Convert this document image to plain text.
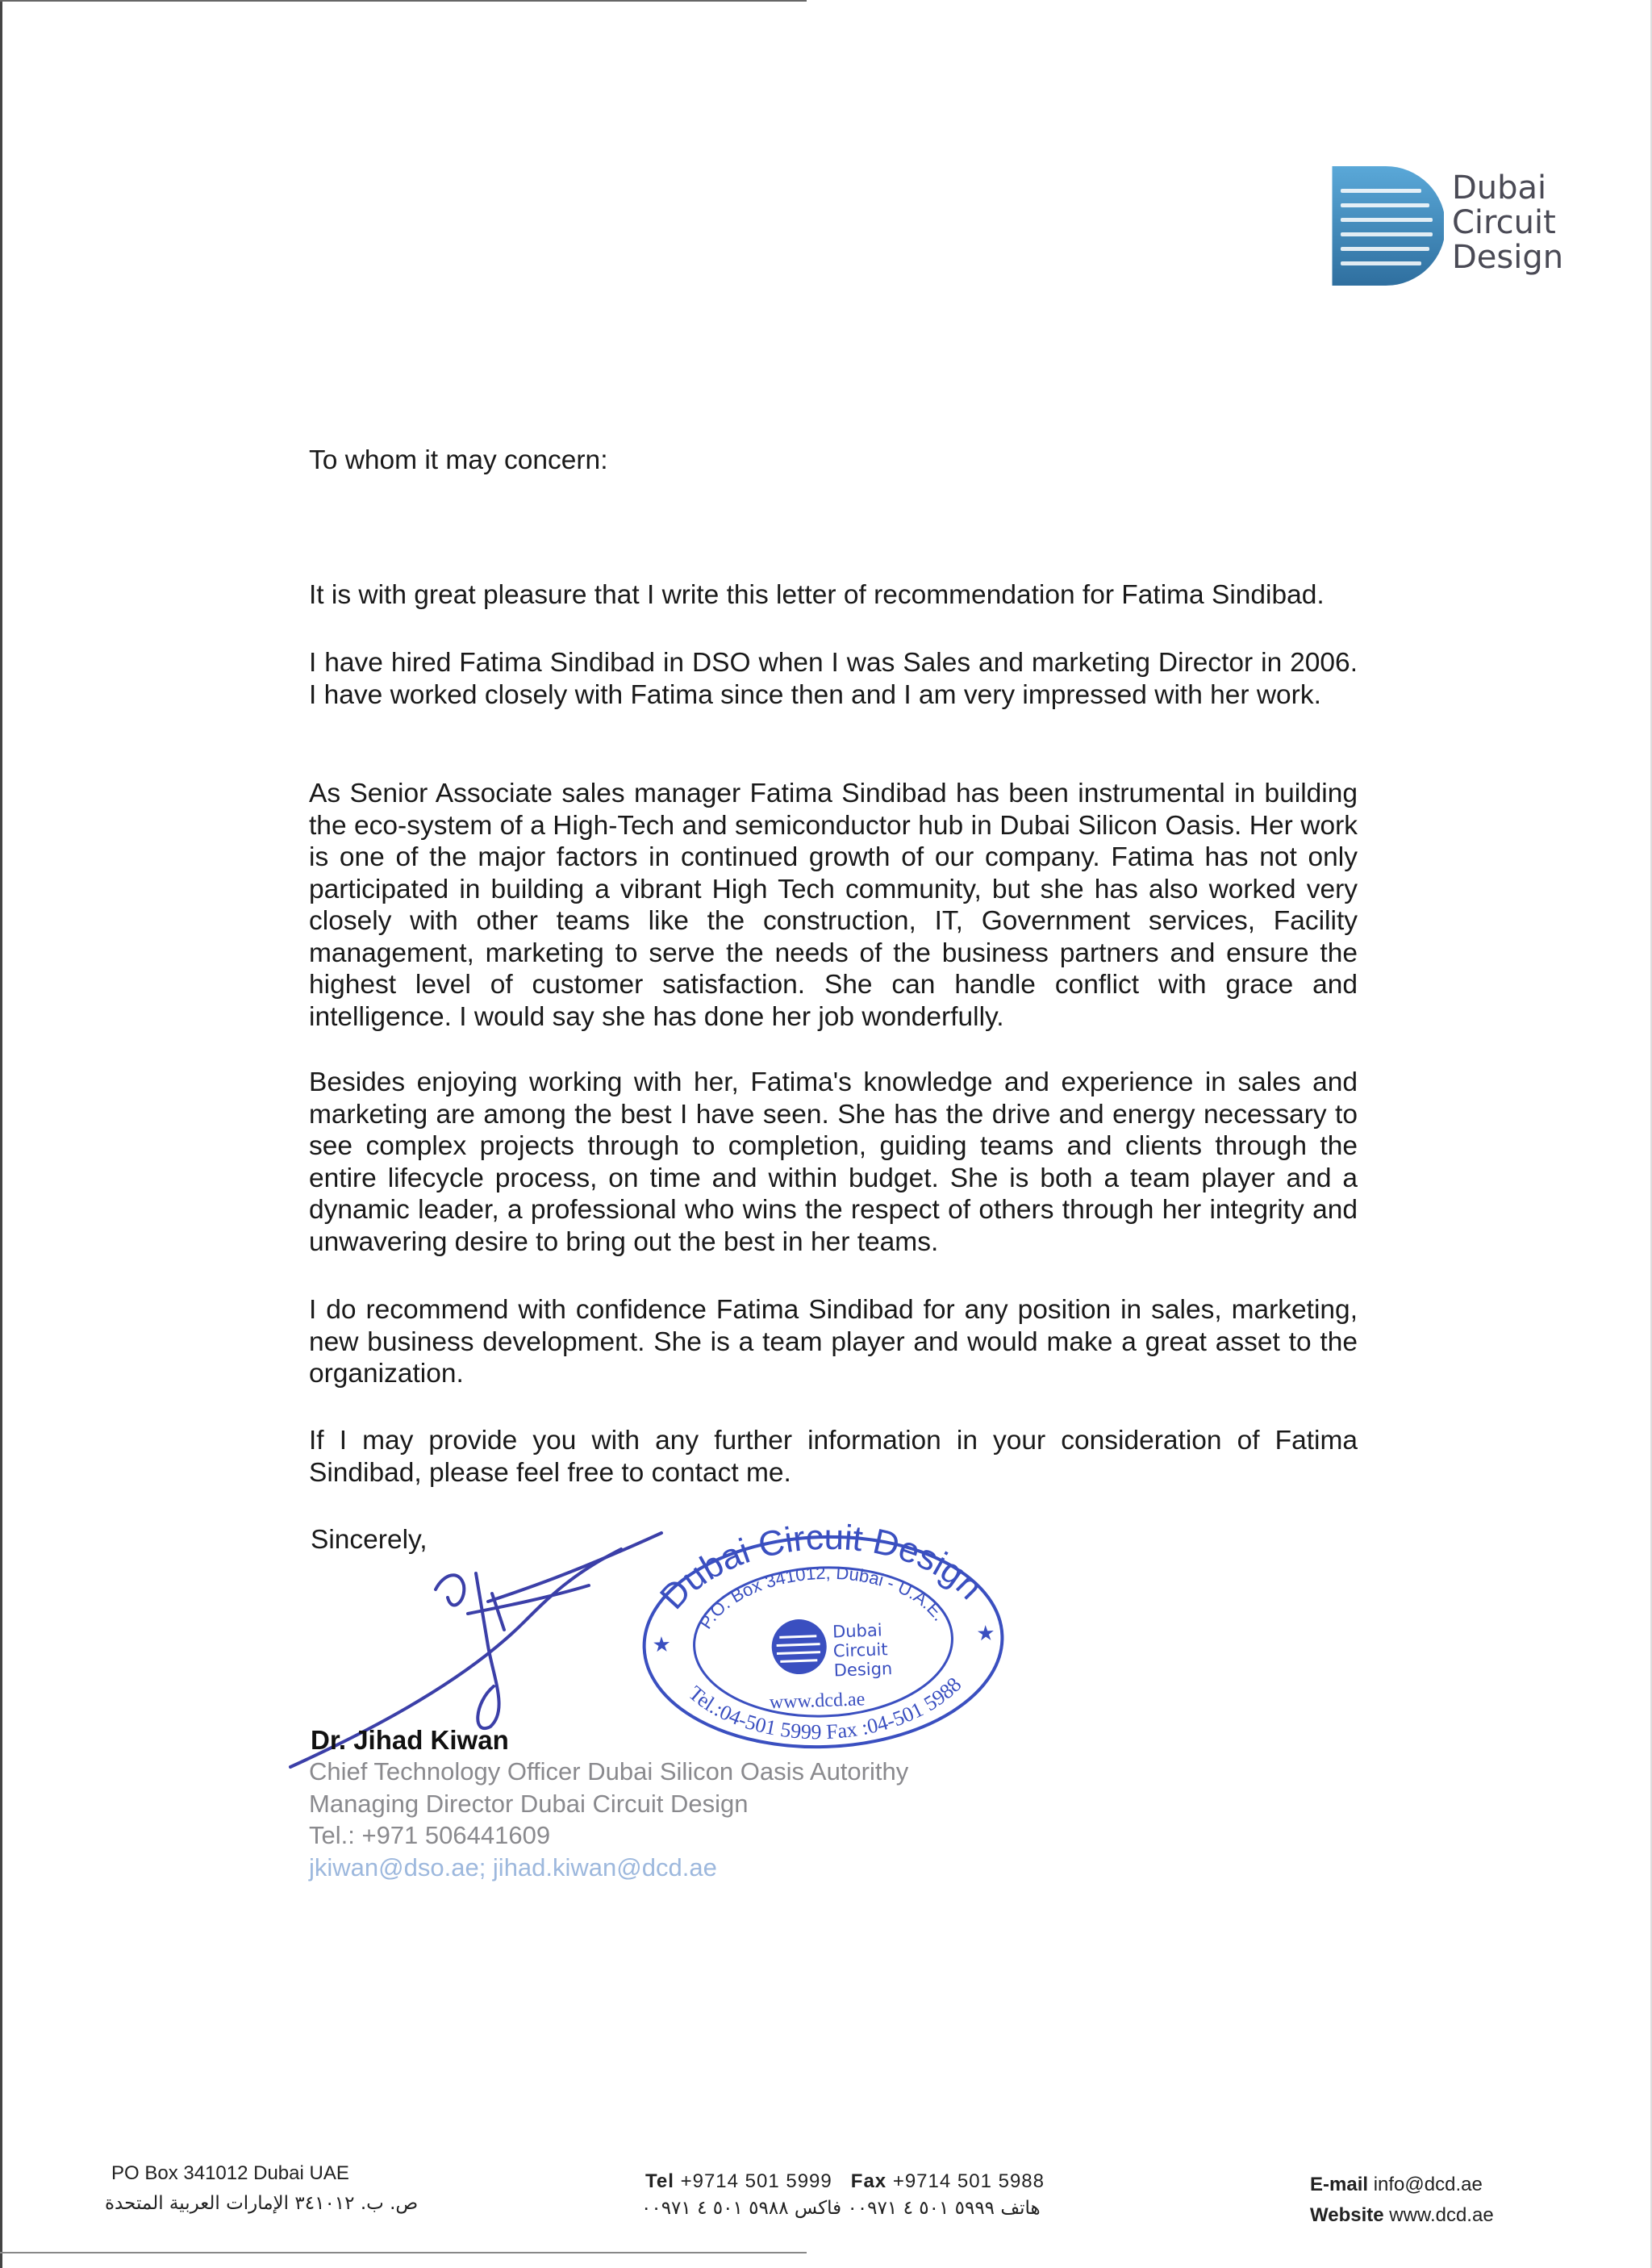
Dubai
Circuit
Design
To whom it may concern:
It is with great pleasure that I write this letter of recommendation for Fatima Sindibad.
I have hired Fatima Sindibad in DSO when I was Sales and marketing Director in 2006. I have worked closely with Fatima since then and I am very impressed with her work.
As Senior Associate sales manager Fatima Sindibad has been instrumental in building the eco-system of a High-Tech and semiconductor hub in Dubai Silicon Oasis. Her work is one of the major factors in continued growth of our company. Fatima has not only participated in building a vibrant High Tech community, but she has also worked very closely with other teams like the construction, IT, Government services, Facility management, marketing to serve the needs of the business partners and ensure the highest level of customer satisfaction. She can handle conflict with grace and intelligence. I would say she has done her job wonderfully.
Besides enjoying working with her, Fatima's knowledge and experience in sales and marketing are among the best I have seen. She has the drive and energy necessary to see complex projects through to completion, guiding teams and clients through the entire lifecycle process, on time and within budget. She is both a team player and a dynamic leader, a professional who wins the respect of others through her integrity and unwavering desire to bring out the best in her teams.
I do recommend with confidence Fatima Sindibad for any position in sales, marketing, new business development. She is a team player and would make a great asset to the organization.
If I may provide you with any further information in your consideration of Fatima Sindibad, please feel free to contact me.
Sincerely,
Dubai Circuit Design
P.O. Box 341012, Dubai - U.A.E.
Tel.:04-501 5999 Fax :04-501 5988
Dubai
Circuit
Design
www.dcd.ae
★	★
Dr. Jihad Kiwan
Chief Technology Officer Dubai Silicon Oasis Autorithy
Managing Director Dubai Circuit Design
Tel.: +971 506441609
jkiwan@dso.ae; jihad.kiwan@dcd.ae
PO Box 341012 Dubai UAE
ص. ب. ٣٤١٠١٢ الإمارات العربية المتحدة
Tel +9714 501 5999 Fax +9714 501 5988
هاتف ٥٩٩٩ ٥٠١ ٤ ٠٠٩٧١ فاكس ٥٩٨٨ ٥٠١ ٤ ٠٠٩٧١
E-mail info@dcd.ae
Website www.dcd.ae
